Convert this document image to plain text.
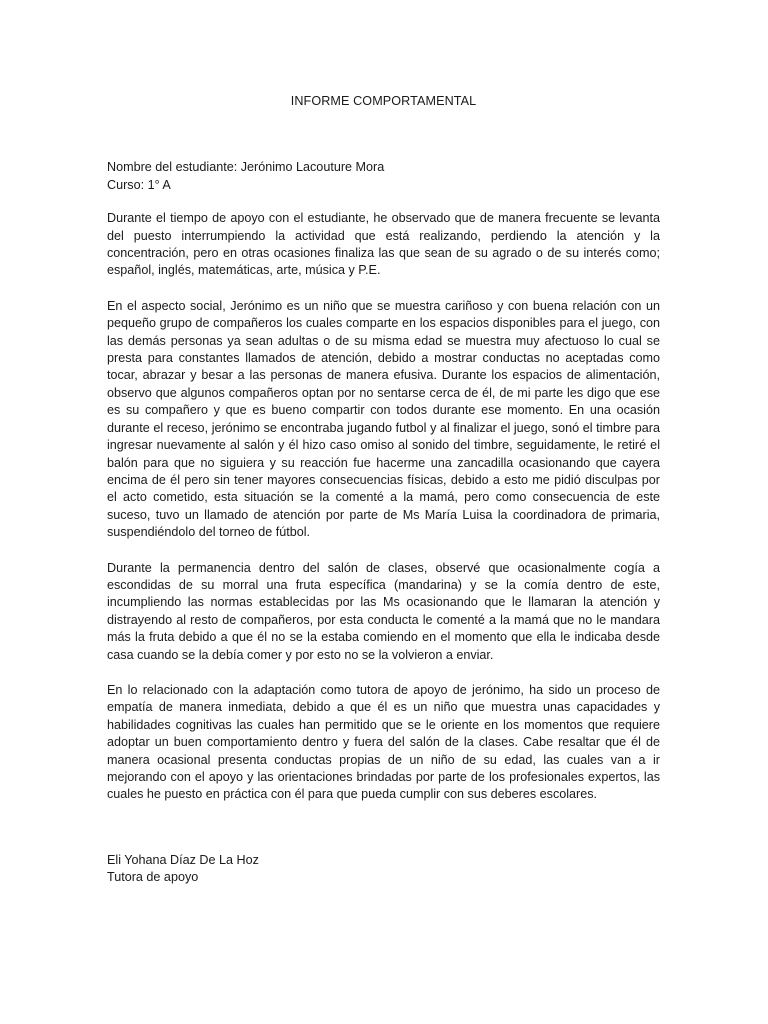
INFORME COMPORTAMENTAL

Nombre del estudiante: Jerónimo Lacouture Mora

Curso: 1° A

Durante el tiempo de apoyo con el estudiante, he observado que de manera frecuente se levanta del puesto interrumpiendo la actividad que está realizando, perdiendo la atención y la concentración, pero en otras ocasiones finaliza las que sean de su agrado o de su interés como; español, inglés, matemáticas, arte, música y P.E.

En el aspecto social, Jerónimo es un niño que se muestra cariñoso y con buena relación con un pequeño grupo de compañeros los cuales comparte en los espacios disponibles para el juego, con las demás personas ya sean adultas o de su misma edad se muestra muy afectuoso lo cual se presta para constantes llamados de atención, debido a mostrar conductas no aceptadas como tocar, abrazar y besar a las personas de manera efusiva. Durante los espacios de alimentación, observo que algunos compañeros optan por no sentarse cerca de él, de mi parte les digo que ese es su compañero y que es bueno compartir con todos durante ese momento. En una ocasión durante el receso, jerónimo se encontraba jugando futbol y al finalizar el juego, sonó el timbre para ingresar nuevamente al salón y él hizo caso omiso al sonido del timbre, seguidamente, le retiré el balón para que no siguiera y su reacción fue hacerme una zancadilla ocasionando que cayera encima de él pero sin tener mayores consecuencias físicas, debido a esto me pidió disculpas por el acto cometido, esta situación se la comenté a la mamá, pero como consecuencia de este suceso, tuvo un llamado de atención por parte de Ms María Luisa la coordinadora de primaria, suspendiéndolo del torneo de fútbol.

Durante la permanencia dentro del salón de clases, observé que ocasionalmente cogía a escondidas de su morral una fruta específica (mandarina) y se la comía dentro de este, incumpliendo las normas establecidas por las Ms ocasionando que le llamaran la atención y distrayendo al resto de compañeros, por esta conducta le comenté a la mamá que no le mandara más la fruta debido a que él no se la estaba comiendo en el momento que ella le indicaba desde casa cuando se la debía comer y por esto no se la volvieron a enviar.

En lo relacionado con la adaptación como tutora de apoyo de jerónimo, ha sido un proceso de empatía de manera inmediata, debido a que él es un niño que muestra unas capacidades y habilidades cognitivas las cuales han permitido que se le oriente en los momentos que requiere adoptar un buen comportamiento dentro y fuera del salón de la clases. Cabe resaltar que él de manera ocasional presenta conductas propias de un niño de su edad, las cuales van a ir mejorando con el apoyo y las orientaciones brindadas por parte de los profesionales expertos, las cuales he puesto en práctica con él para que pueda cumplir con sus deberes escolares.

Eli Yohana Díaz De La Hoz

Tutora de apoyo
